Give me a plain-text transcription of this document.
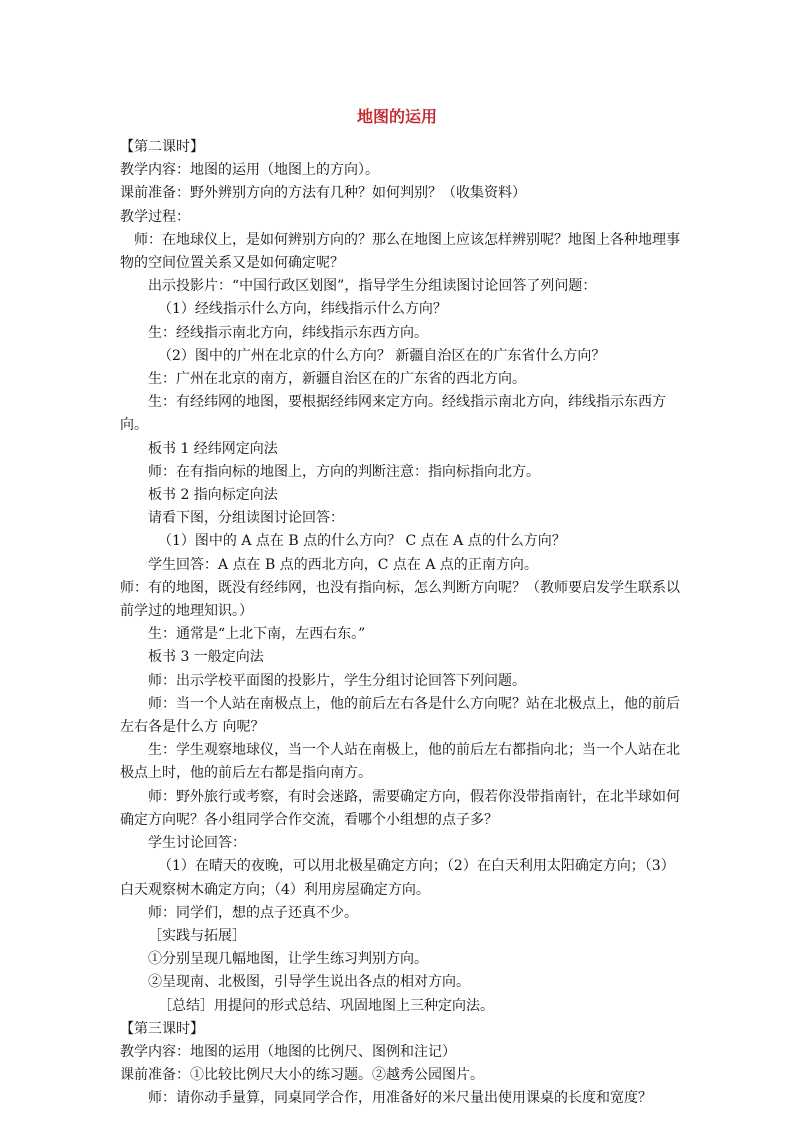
地图的运用

【第二课时】

教学内容：地图的运用（地图上的方向）。

课前准备：野外辨别方向的方法有几种？如何判别？（收集资料）

教学过程：

师：在地球仪上，是如何辨别方向的？那么在地图上应该怎样辨别呢？地图上各种地理事物的空间位置关系又是如何确定呢？

出示投影片：“中国行政区划图”，指导学生分组读图讨论回答了列问题：

（1）经线指示什么方向，纬线指示什么方向？

生：经线指示南北方向，纬线指示东西方向。

（2）图中的广州在北京的什么方向？ 新疆自治区在的广东省什么方向？

生：广州在北京的南方，新疆自治区在的广东省的西北方向。

生：有经纬网的地图，要根据经纬网来定方向。经线指示南北方向，纬线指示东西方向。

板书 1 经纬网定向法

师：在有指向标的地图上，方向的判断注意：指向标指向北方。

板书 2 指向标定向法

请看下图，分组读图讨论回答：

（1）图中的 A 点在 B 点的什么方向？ C 点在 A 点的什么方向？

学生回答：A 点在 B 点的西北方向，C 点在 A 点的正南方向。

师：有的地图，既没有经纬网，也没有指向标，怎么判断方向呢？（教师要启发学生联系以前学过的地理知识。）

生：通常是“上北下南，左西右东。”

板书 3 一般定向法

师：出示学校平面图的投影片，学生分组讨论回答下列问题。

师：当一个人站在南极点上，他的前后左右各是什么方向呢？站在北极点上，他的前后左右各是什么方 向呢？

生：学生观察地球仪，当一个人站在南极上，他的前后左右都指向北；当一个人站在北极点上时，他的前后左右都是指向南方。

师：野外旅行或考察，有时会迷路，需要确定方向，假若你没带指南针，在北半球如何确定方向呢？各小组同学合作交流，看哪个小组想的点子多？

学生讨论回答：

（1）在晴天的夜晚，可以用北极星确定方向；（2）在白天利用太阳确定方向；（3）白天观察树木确定方向；（4）利用房屋确定方向。

师：同学们，想的点子还真不少。

［实践与拓展］

①分别呈现几幅地图，让学生练习判别方向。

②呈现南、北极图，引导学生说出各点的相对方向。

［总结］用提问的形式总结、巩固地图上三种定向法。

【第三课时】

教学内容：地图的运用（地图的比例尺、图例和注记）

课前准备：①比较比例尺大小的练习题。②越秀公园图片。

师：请你动手量算，同桌同学合作，用准备好的米尺量出使用课桌的长度和宽度？
